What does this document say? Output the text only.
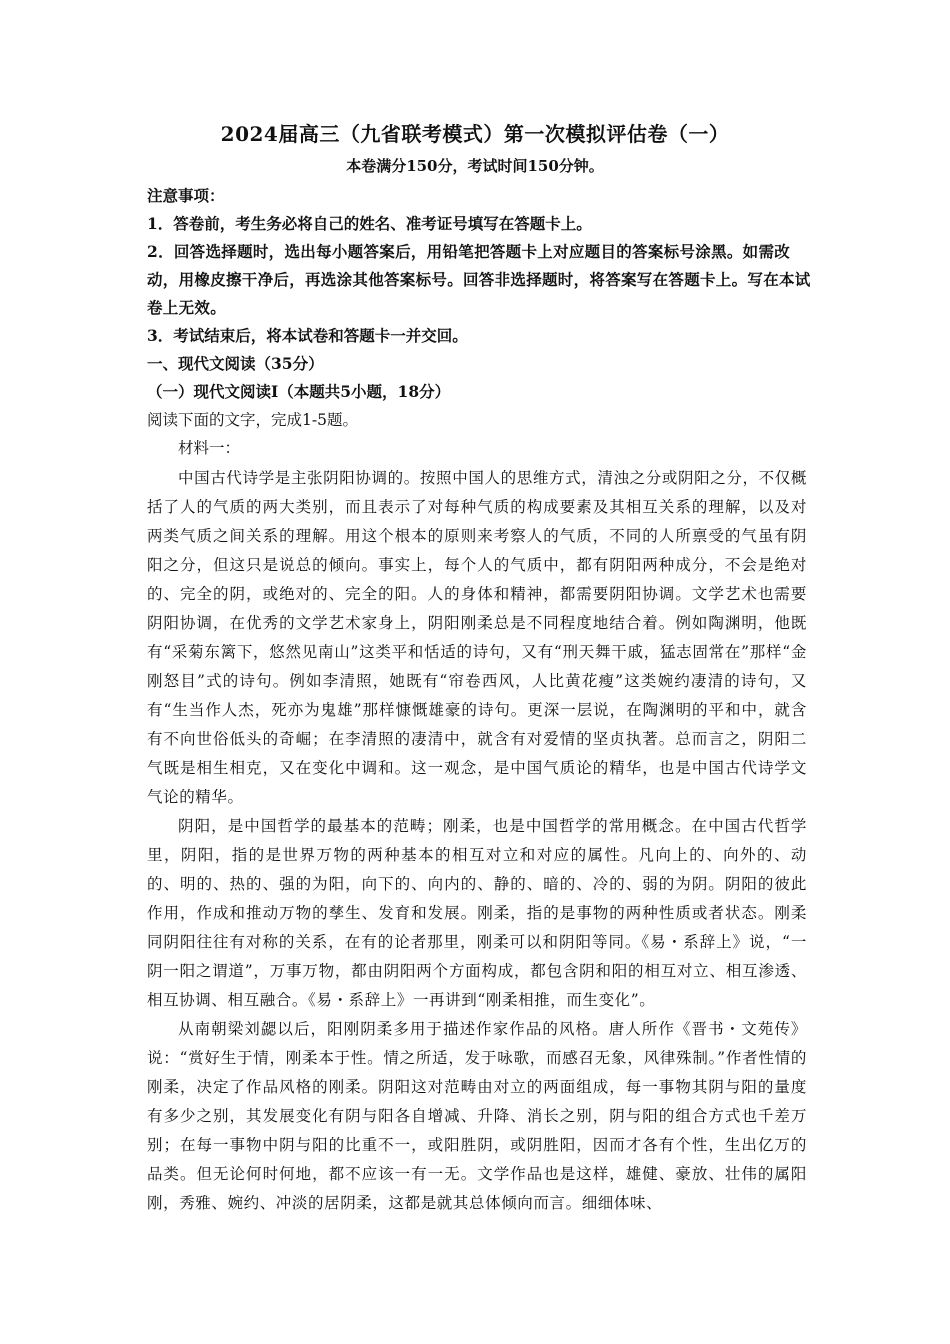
2024届高三（九省联考模式）第一次模拟评估卷（一）
本卷满分150分，考试时间150分钟。
注意事项：
1．答卷前，考生务必将自己的姓名、准考证号填写在答题卡上。
2．回答选择题时，选出每小题答案后，用铅笔把答题卡上对应题目的答案标号涂黑。如需改动，用橡皮擦干净后，再选涂其他答案标号。回答非选择题时，将答案写在答题卡上。写在本试卷上无效。
3．考试结束后，将本试卷和答题卡一并交回。
一、现代文阅读（35分）
（一）现代文阅读Ⅰ（本题共5小题，18分）
阅读下面的文字，完成1-5题。
材料一：

中国古代诗学是主张阴阳协调的。按照中国人的思维方式，清浊之分或阴阳之分，不仅概括了人的气质的两大类别，而且表示了对每种气质的构成要素及其相互关系的理解，以及对两类气质之间关系的理解。用这个根本的原则来考察人的气质，不同的人所禀受的气虽有阴阳之分，但这只是说总的倾向。事实上，每个人的气质中，都有阴阳两种成分，不会是绝对的、完全的阴，或绝对的、完全的阳。人的身体和精神，都需要阴阳协调。文学艺术也需要阴阳协调，在优秀的文学艺术家身上，阴阳刚柔总是不同程度地结合着。例如陶渊明，他既有“采菊东篱下，悠然见南山”这类平和恬适的诗句，又有“刑天舞干戚，猛志固常在”那样“金刚怒目”式的诗句。例如李清照，她既有“帘卷西风，人比黄花瘦”这类婉约凄清的诗句，又有“生当作人杰，死亦为鬼雄”那样慷慨雄豪的诗句。更深一层说，在陶渊明的平和中，就含有不向世俗低头的奇崛；在李清照的凄清中，就含有对爱情的坚贞执著。总而言之，阴阳二气既是相生相克，又在变化中调和。这一观念，是中国气质论的精华，也是中国古代诗学文气论的精华。

阴阳，是中国哲学的最基本的范畴；刚柔，也是中国哲学的常用概念。在中国古代哲学里，阴阳，指的是世界万物的两种基本的相互对立和对应的属性。凡向上的、向外的、动的、明的、热的、强的为阳，向下的、向内的、静的、暗的、冷的、弱的为阴。阴阳的彼此作用，作成和推动万物的孳生、发育和发展。刚柔，指的是事物的两种性质或者状态。刚柔同阴阳往往有对称的关系，在有的论者那里，刚柔可以和阴阳等同。《易・系辞上》说，“一阴一阳之谓道”，万事万物，都由阴阳两个方面构成，都包含阴和阳的相互对立、相互渗透、相互协调、相互融合。《易・系辞上》一再讲到“刚柔相推，而生变化”。

从南朝梁刘勰以后，阳刚阴柔多用于描述作家作品的风格。唐人所作《晋书・文苑传》说：“赏好生于情，刚柔本于性。情之所适，发于咏歌，而感召无象，风律殊制。”作者性情的刚柔，决定了作品风格的刚柔。阴阳这对范畴由对立的两面组成，每一事物其阴与阳的量度有多少之别，其发展变化有阴与阳各自增减、升降、消长之别，阴与阳的组合方式也千差万别；在每一事物中阴与阳的比重不一，或阳胜阴，或阴胜阳，因而才各有个性，生出亿万的品类。但无论何时何地，都不应该一有一无。文学作品也是这样，雄健、豪放、壮伟的属阳刚，秀雅、婉约、冲淡的居阴柔，这都是就其总体倾向而言。细细体味、
